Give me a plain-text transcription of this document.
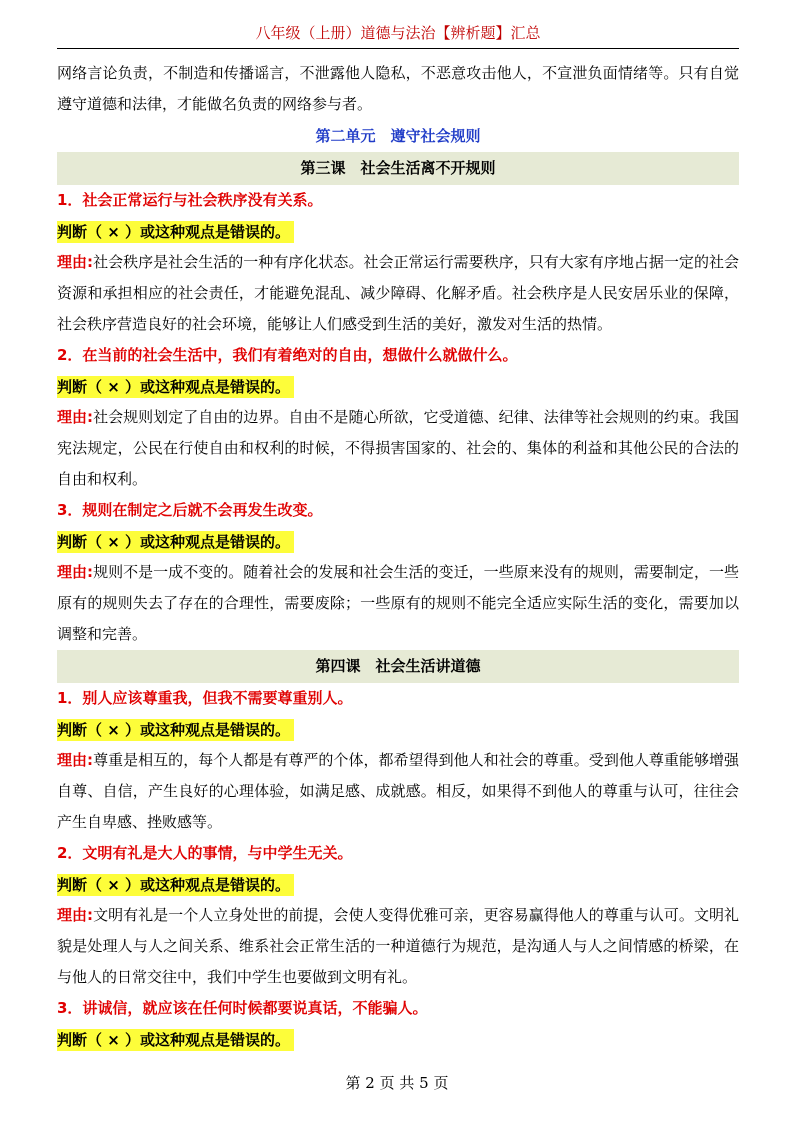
八年级（上册）道德与法治【辨析题】汇总

网络言论负责，不制造和传播谣言，不泄露他人隐私，不恶意攻击他人，不宣泄负面情绪等。只有自觉遵守道德和法律，才能做名负责的网络参与者。

第二单元　遵守社会规则
第三课　社会生活离不开规则
1．社会正常运行与社会秩序没有关系。
判断（ × ）或这种观点是错误的。

理由:社会秩序是社会生活的一种有序化状态。社会正常运行需要秩序，只有大家有序地占据一定的社会资源和承担相应的社会责任，才能避免混乱、减少障碍、化解矛盾。社会秩序是人民安居乐业的保障，社会秩序营造良好的社会环境，能够让人们感受到生活的美好，激发对生活的热情。

2．在当前的社会生活中，我们有着绝对的自由，想做什么就做什么。
判断（ × ）或这种观点是错误的。

理由:社会规则划定了自由的边界。自由不是随心所欲，它受道德、纪律、法律等社会规则的约束。我国宪法规定，公民在行使自由和权利的时候，不得损害国家的、社会的、集体的利益和其他公民的合法的自由和权利。

3．规则在制定之后就不会再发生改变。
判断（ × ）或这种观点是错误的。

理由:规则不是一成不变的。随着社会的发展和社会生活的变迁，一些原来没有的规则，需要制定，一些原有的规则失去了存在的合理性，需要废除；一些原有的规则不能完全适应实际生活的变化，需要加以调整和完善。

第四课　社会生活讲道德
1．别人应该尊重我，但我不需要尊重别人。
判断（ × ）或这种观点是错误的。

理由:尊重是相互的，每个人都是有尊严的个体，都希望得到他人和社会的尊重。受到他人尊重能够增强自尊、自信，产生良好的心理体验，如满足感、成就感。相反，如果得不到他人的尊重与认可，往往会产生自卑感、挫败感等。

2．文明有礼是大人的事情，与中学生无关。
判断（ × ）或这种观点是错误的。

理由:文明有礼是一个人立身处世的前提，会使人变得优雅可亲，更容易赢得他人的尊重与认可。文明礼貌是处理人与人之间关系、维系社会正常生活的一种道德行为规范，是沟通人与人之间情感的桥梁，在与他人的日常交往中，我们中学生也要做到文明有礼。

3．讲诚信，就应该在任何时候都要说真话，不能骗人。
判断（ × ）或这种观点是错误的。
第 2 页 共 5 页
